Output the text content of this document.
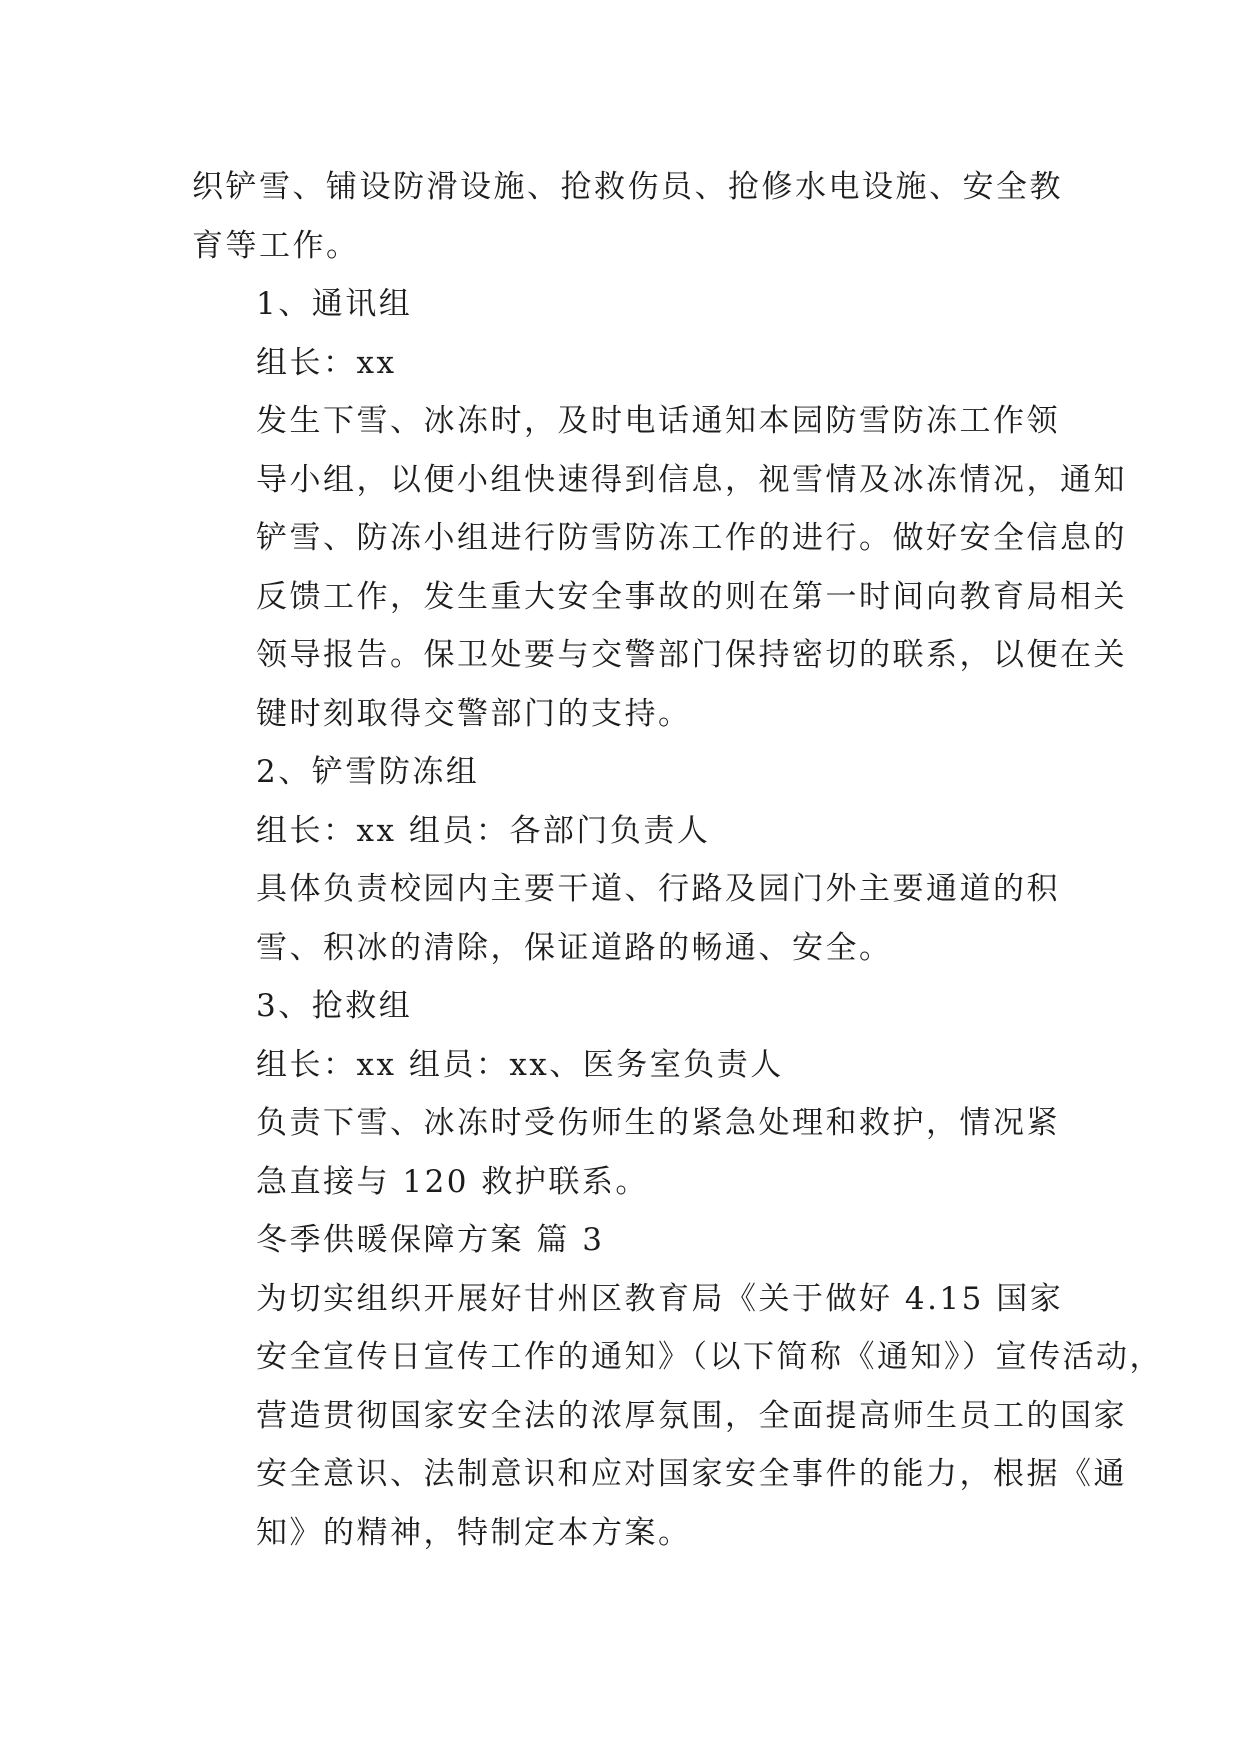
织铲雪、铺设防滑设施、抢救伤员、抢修水电设施、安全教
育等工作。

1、通讯组

组长：xx

发生下雪、冰冻时，及时电话通知本园防雪防冻工作领
导小组，以便小组快速得到信息，视雪情及冰冻情况，通知
铲雪、防冻小组进行防雪防冻工作的进行。做好安全信息的
反馈工作，发生重大安全事故的则在第一时间向教育局相关
领导报告。保卫处要与交警部门保持密切的联系，以便在关
键时刻取得交警部门的支持。

2、铲雪防冻组

组长：xx 组员：各部门负责人

具体负责校园内主要干道、行路及园门外主要通道的积
雪、积冰的清除，保证道路的畅通、安全。

3、抢救组

组长：xx 组员：xx、医务室负责人

负责下雪、冰冻时受伤师生的紧急处理和救护，情况紧
急直接与 120 救护联系。

冬季供暖保障方案 篇 3

为切实组织开展好甘州区教育局《关于做好 4.15 国家
安全宣传日宣传工作的通知》（以下简称《通知》）宣传活动，
营造贯彻国家安全法的浓厚氛围，全面提高师生员工的国家
安全意识、法制意识和应对国家安全事件的能力，根据《通
知》的精神，特制定本方案。
